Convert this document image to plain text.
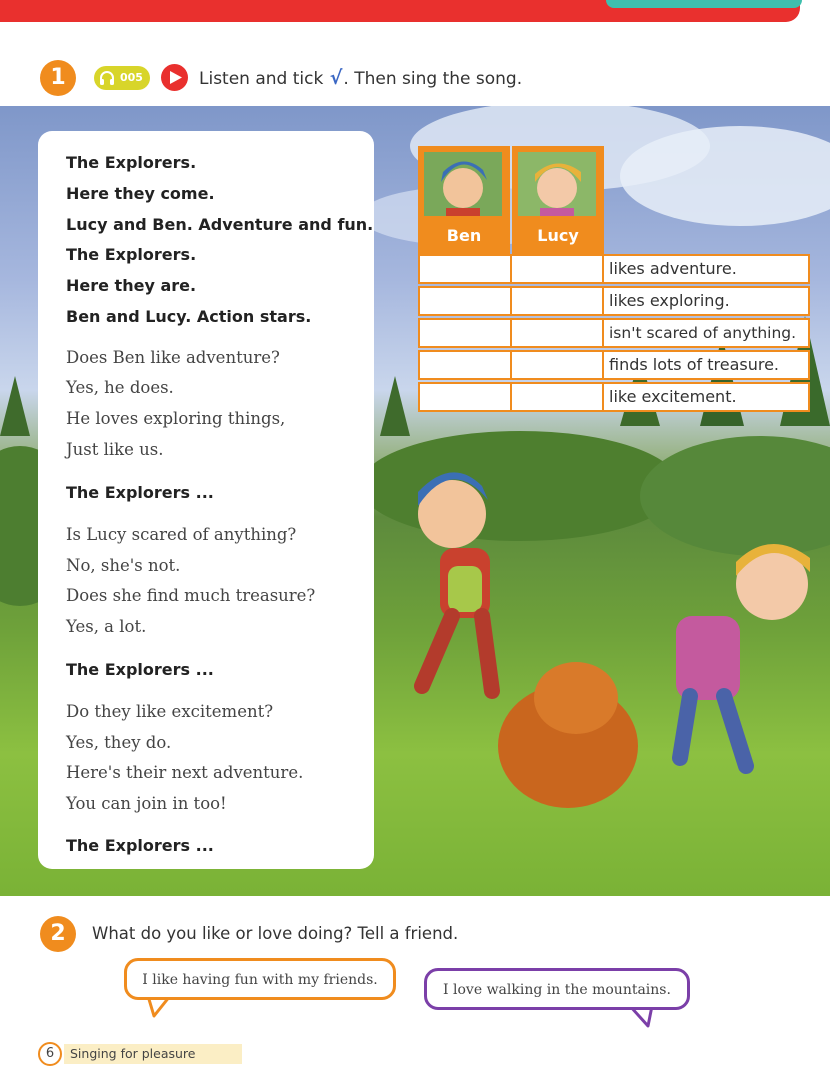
1	005	Listen and tick √. Then sing the song.
The Explorers.
Here they come.
Lucy and Ben. Adventure and fun.
The Explorers.
Here they are.
Ben and Lucy. Action stars.
Does Ben like adventure?
Yes, he does.
He loves exploring things,
Just like us.
The Explorers ...
Is Lucy scared of anything?
No, she's not.
Does she find much treasure?
Yes, a lot.
The Explorers ...
Do they like excitement?
Yes, they do.
Here's their next adventure.
You can join in too!
The Explorers ...
Ben	Lucy
likes adventure.
likes exploring.
isn't scared of anything.
finds lots of treasure.
like excitement.
2	What do you like or love doing? Tell a friend.
I like having fun with my friends.
I love walking in the mountains.
6	Singing for pleasure
